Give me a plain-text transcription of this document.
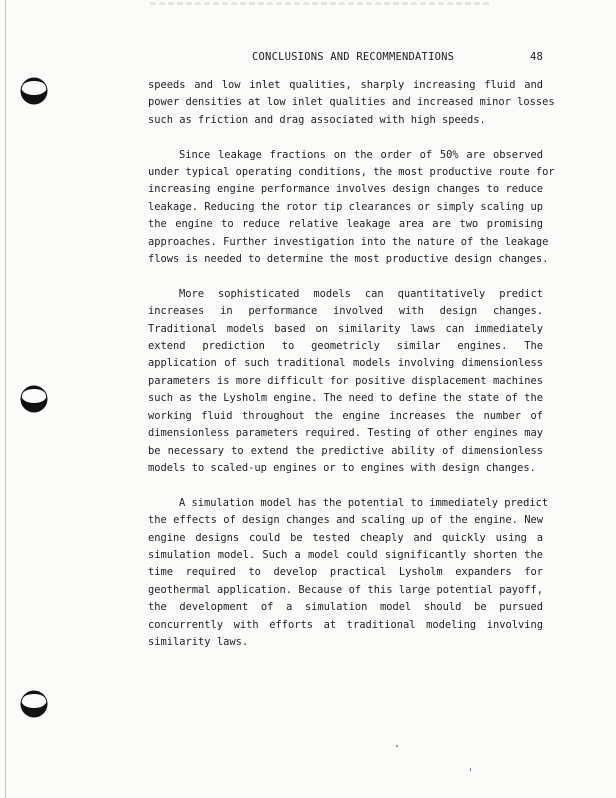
CONCLUSIONS AND RECOMMENDATIONS	48

speeds and low inlet qualities, sharply increasing fluid and
power densities at low inlet qualities and increased minor losses
such as friction and drag associated with high speeds.

Since leakage fractions on the order of 50% are observed
under typical operating conditions, the most productive route for
increasing engine performance involves design changes to reduce
leakage. Reducing the rotor tip clearances or simply scaling up
the engine to reduce relative leakage area are two promising
approaches. Further investigation into the nature of the leakage
flows is needed to determine the most productive design changes.

More sophisticated models can quantitatively predict
increases in performance involved with design changes.
Traditional models based on similarity laws can immediately
extend prediction to geometricly similar engines. The
application of such traditional models involving dimensionless
parameters is more difficult for positive displacement machines
such as the Lysholm engine. The need to define the state of the
working fluid throughout the engine increases the number of
dimensionless parameters required. Testing of other engines may
be necessary to extend the predictive ability of dimensionless
models to scaled-up engines or to engines with design changes.

A simulation model has the potential to immediately predict
the effects of design changes and scaling up of the engine. New
engine designs could be tested cheaply and quickly using a
simulation model. Such a model could significantly shorten the
time required to develop practical Lysholm expanders for
geothermal application. Because of this large potential payoff,
the development of a simulation model should be pursued
concurrently with efforts at traditional modeling involving
similarity laws.
